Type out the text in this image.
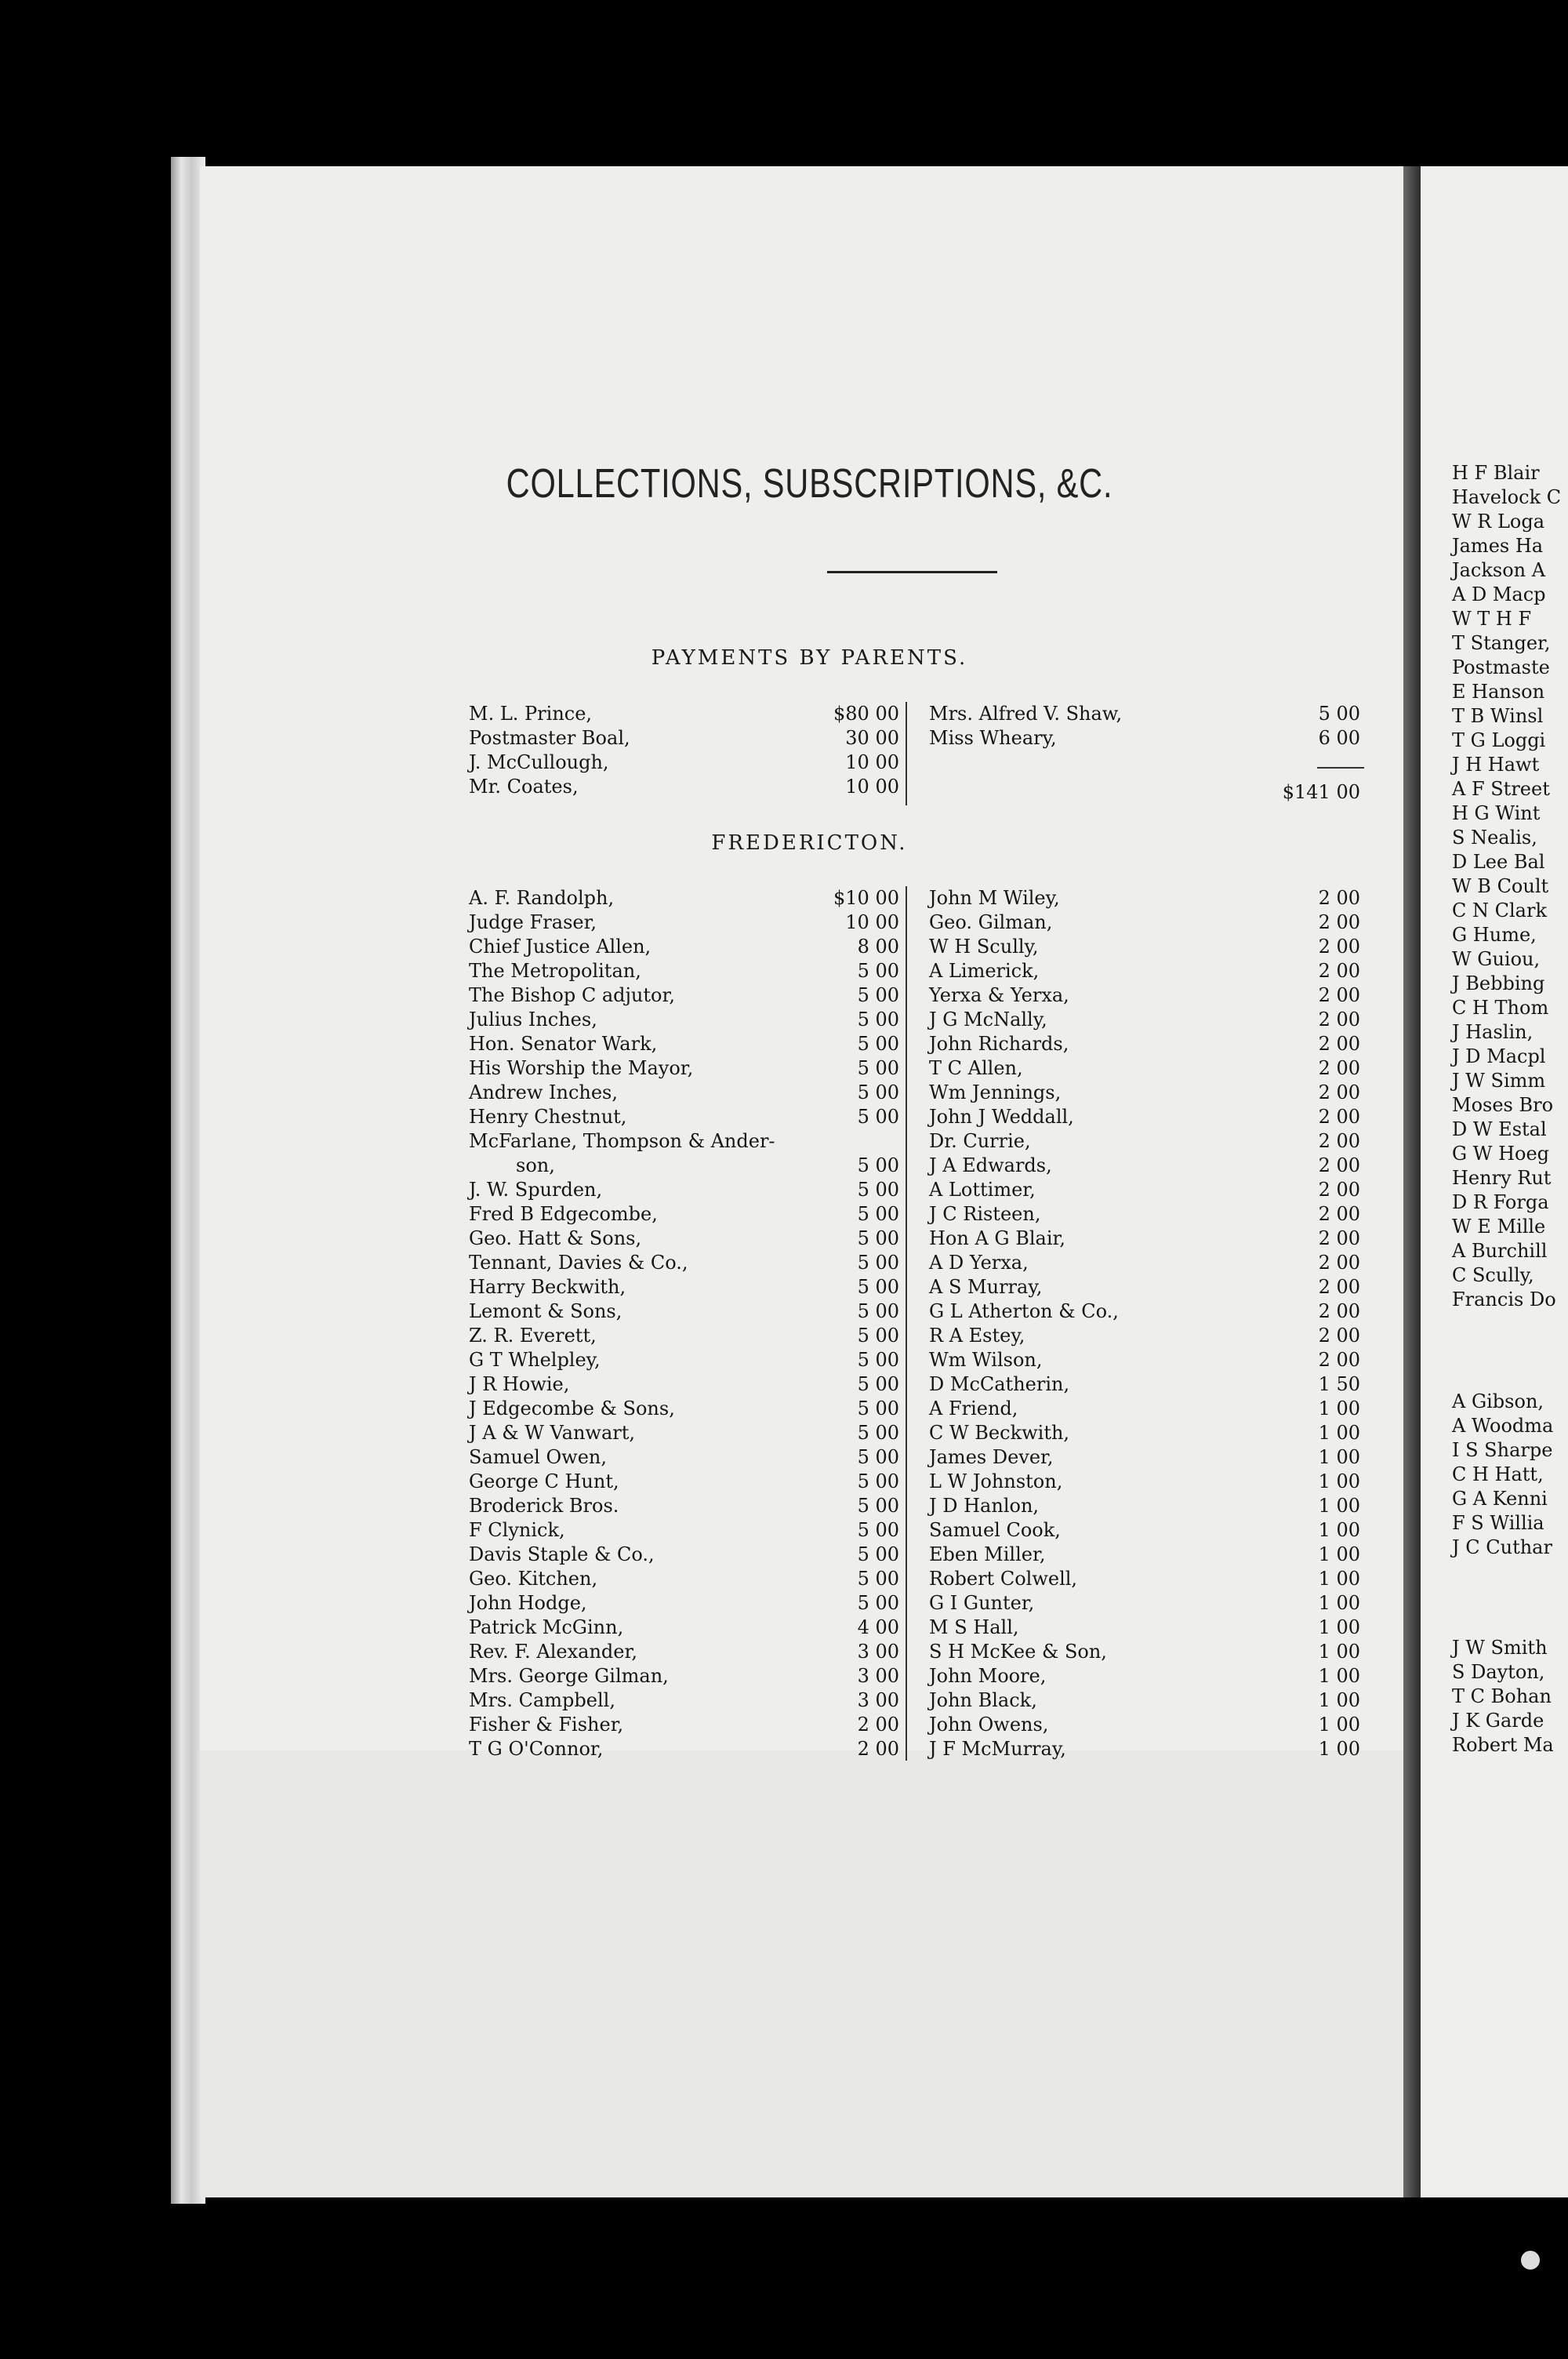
COLLECTIONS, SUBSCRIPTIONS, &C.
PAYMENTS BY PARENTS.
M. L. Prince,	$80 00
Postmaster Boal,	30 00
J. McCullough,	10 00
Mr. Coates,	10 00
Mrs. Alfred V. Shaw,	5 00
Miss Wheary,	6 00
$141 00
FREDERICTON.
A. F. Randolph,	$10 00
Judge Fraser,	10 00
Chief Justice Allen,	8 00
The Metropolitan,	5 00
The Bishop C adjutor,	5 00
Julius Inches,	5 00
Hon. Senator Wark,	5 00
His Worship the Mayor,	5 00
Andrew Inches,	5 00
Henry Chestnut,	5 00
McFarlane, Thompson & Ander-
son,	5 00
J. W. Spurden,	5 00
Fred B Edgecombe,	5 00
Geo. Hatt & Sons,	5 00
Tennant, Davies & Co.,	5 00
Harry Beckwith,	5 00
Lemont & Sons,	5 00
Z. R. Everett,	5 00
G T Whelpley,	5 00
J R Howie,	5 00
J Edgecombe & Sons,	5 00
J A & W Vanwart,	5 00
Samuel Owen,	5 00
George C Hunt,	5 00
Broderick Bros.	5 00
F Clynick,	5 00
Davis Staple & Co.,	5 00
Geo. Kitchen,	5 00
John Hodge,	5 00
Patrick McGinn,	4 00
Rev. F. Alexander,	3 00
Mrs. George Gilman,	3 00
Mrs. Campbell,	3 00
Fisher & Fisher,	2 00
T G O'Connor,	2 00
John M Wiley,	2 00
Geo. Gilman,	2 00
W H Scully,	2 00
A Limerick,	2 00
Yerxa & Yerxa,	2 00
J G McNally,	2 00
John Richards,	2 00
T C Allen,	2 00
Wm Jennings,	2 00
John J Weddall,	2 00
Dr. Currie,	2 00
J A Edwards,	2 00
A Lottimer,	2 00
J C Risteen,	2 00
Hon A G Blair,	2 00
A D Yerxa,	2 00
A S Murray,	2 00
G L Atherton & Co.,	2 00
R A Estey,	2 00
Wm Wilson,	2 00
D McCatherin,	1 50
A Friend,	1 00
C W Beckwith,	1 00
James Dever,	1 00
L W Johnston,	1 00
J D Hanlon,	1 00
Samuel Cook,	1 00
Eben Miller,	1 00
Robert Colwell,	1 00
G I Gunter,	1 00
M S Hall,	1 00
S H McKee & Son,	1 00
John Moore,	1 00
John Black,	1 00
John Owens,	1 00
J F McMurray,	1 00
H F Blair
Havelock C
W R Loga
James Ha
Jackson A
A D Macp
W T H F
T Stanger,
Postmaste
E Hanson
T B Winsl
T G Loggi
J H Hawt
A F Street
H G Wint
S Nealis,
D Lee Bal
W B Coult
C N Clark
G Hume,
W Guiou,
J Bebbing
C H Thom
J Haslin,
J D Macpl
J W Simm
Moses Bro
D W Estal
G W Hoeg
Henry Rut
D R Forga
W E Mille
A Burchill
C Scully,
Francis Do
A Gibson,
A Woodma
I S Sharpe
C H Hatt,
G A Kenni
F S Willia
J C Cuthar
J W Smith
S Dayton,
T C Bohan
J K Garde
Robert Ma
